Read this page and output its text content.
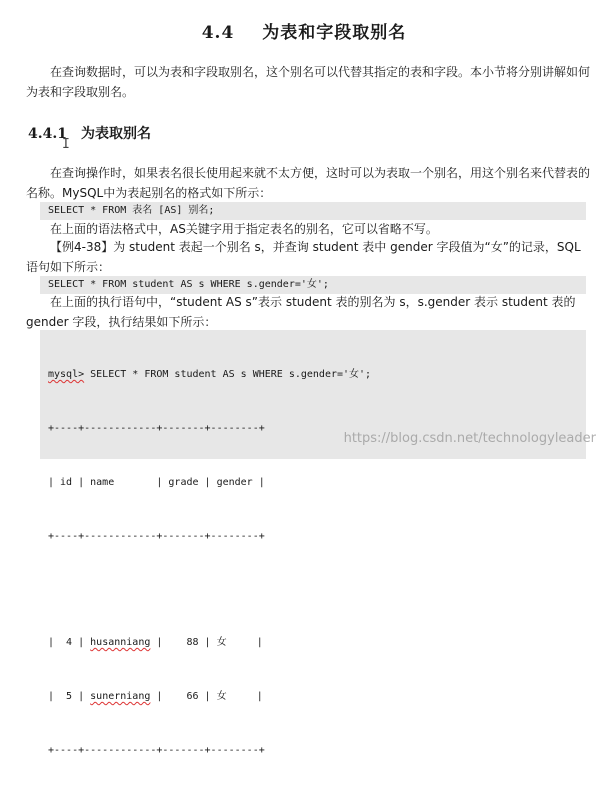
4.4 为表和字段取别名

在查询数据时，可以为表和字段取别名，这个别名可以代替其指定的表和字段。本小节将分别讲解如何为表和字段取别名。

4.4.1 为表取别名
I

在查询操作时，如果表名很长使用起来就不太方便，这时可以为表取一个别名，用这个别名来代替表的名称。MySQL中为表起别名的格式如下所示：

SELECT * FROM 表名 [AS] 别名;

在上面的语法格式中，AS关键字用于指定表名的别名，它可以省略不写。

【例4-38】为 student 表起一个别名 s，并查询 student 表中 gender 字段值为“女”的记录，SQL 语句如下所示：

SELECT * FROM student AS s WHERE s.gender='女';

在上面的执行语句中，“student AS s”表示 student 表的别名为 s，s.gender 表示 student 表的 gender 字段，执行结果如下所示：

mysql> SELECT * FROM student AS s WHERE s.gender='女';

+----+------------+-------+--------+

| id | name       | grade | gender |

+----+------------+-------+--------+

|  4 | husanniang |    88 | 女     |

|  5 | sunerniang |    66 | 女     |

+----+------------+-------+--------+

https://blog.csdn.net/technologyleader
